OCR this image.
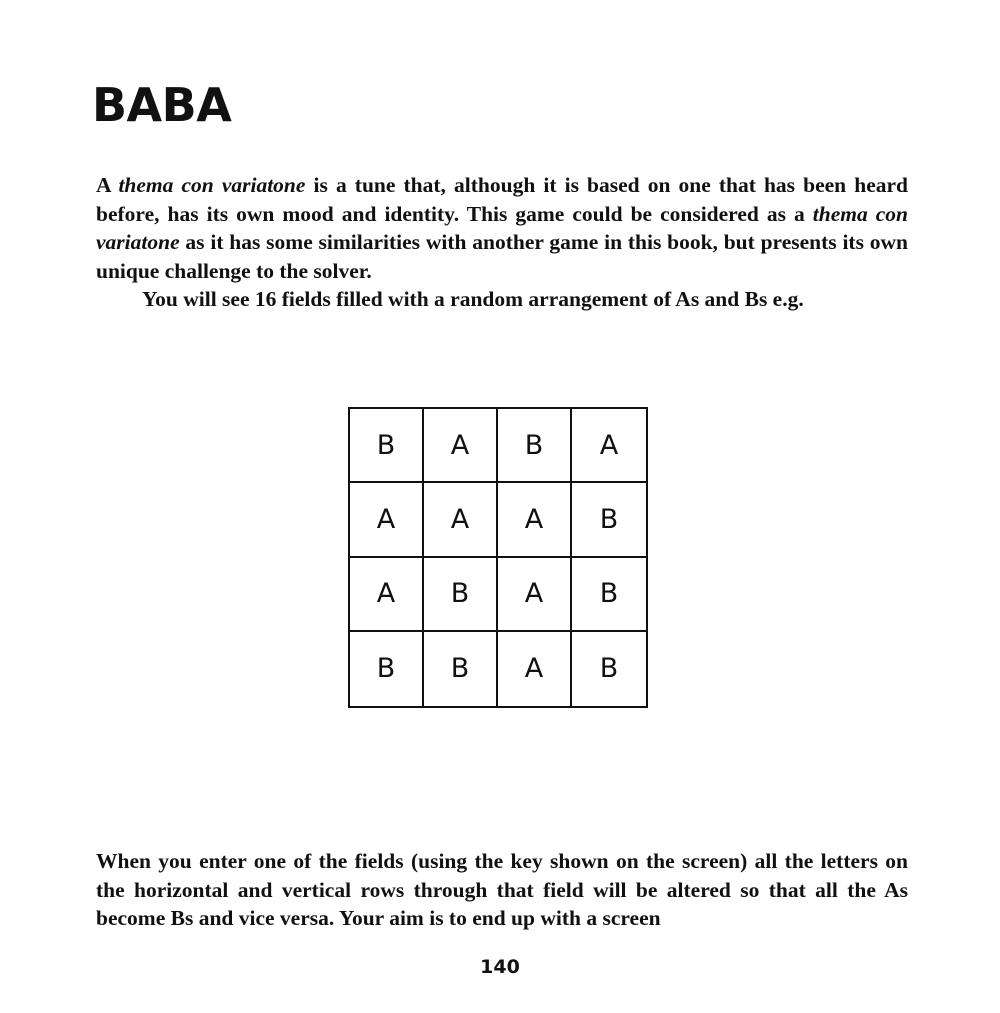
BABA

A thema con variatone is a tune that, although it is based on one that has been heard before, has its own mood and identity. This game could be considered as a thema con variatone as it has some similarities with another game in this book, but presents its own unique challenge to the solver.

You will see 16 fields filled with a random arrangement of As and Bs e.g.

B	A	B	A
A	A	A	B
A	B	A	B
B	B	A	B

When you enter one of the fields (using the key shown on the screen) all the letters on the horizontal and vertical rows through that field will be altered so that all the As become Bs and vice versa. Your aim is to end up with a screen

140
